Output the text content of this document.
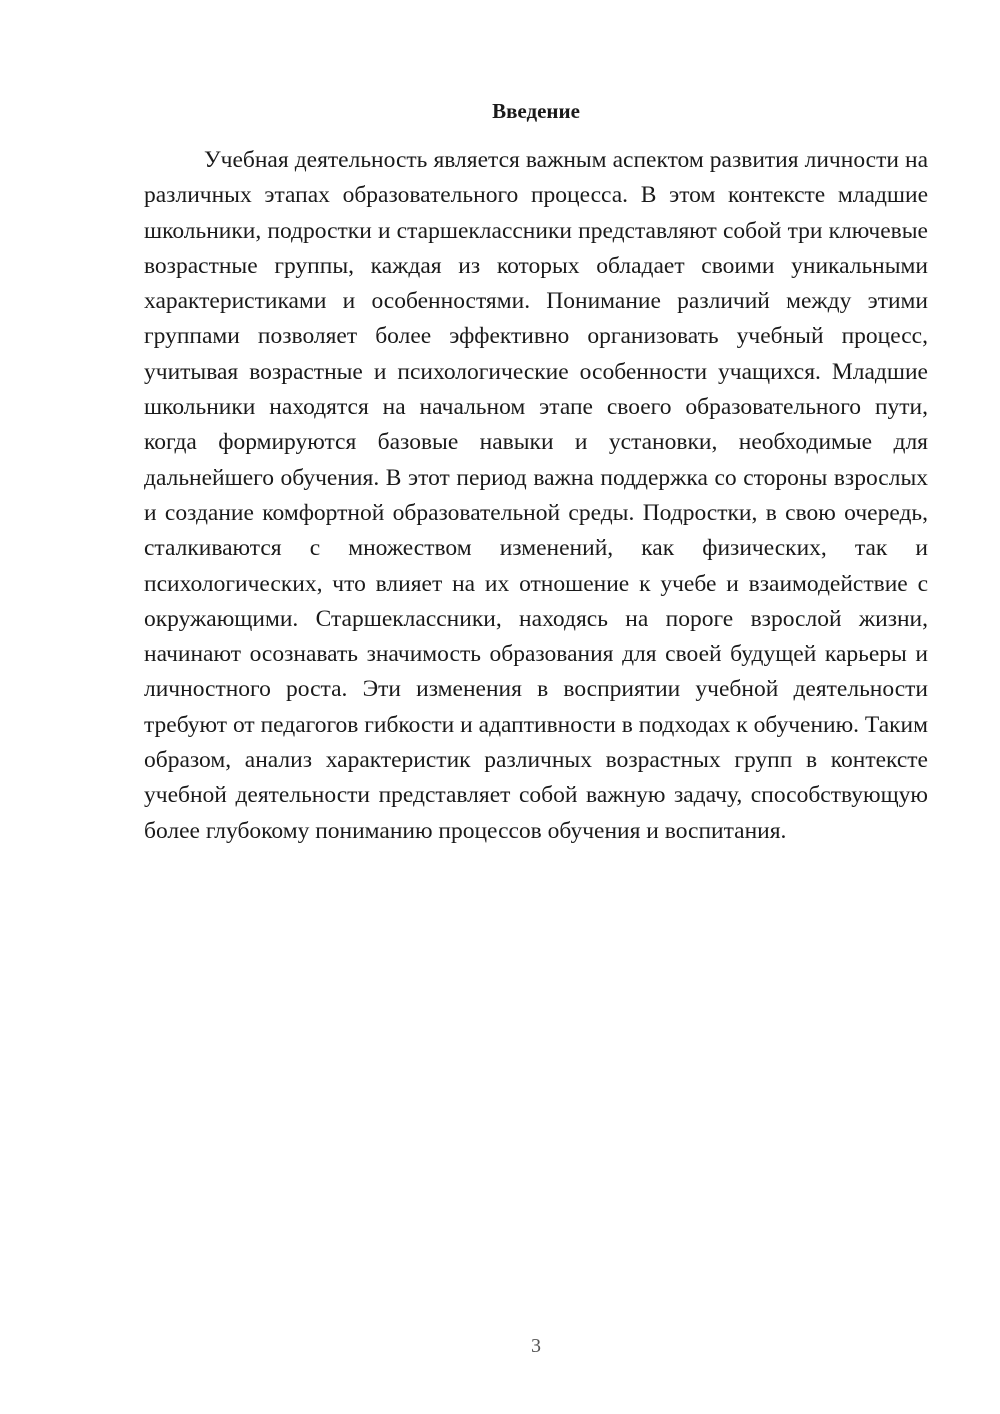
Введение

Учебная деятельность является важным аспектом развития личности на различных этапах образовательного процесса. В этом контексте младшие школьники, подростки и старшеклассники представляют собой три ключевые возрастные группы, каждая из которых обладает своими уникальными характеристиками и особенностями. Понимание различий между этими группами позволяет более эффективно организовать учебный процесс, учитывая возрастные и психологические особенности учащихся. Младшие школьники находятся на начальном этапе своего образовательного пути, когда формируются базовые навыки и установки, необходимые для дальнейшего обучения. В этот период важна поддержка со стороны взрослых и создание комфортной образовательной среды. Подростки, в свою очередь, сталкиваются с множеством изменений, как физических, так и психологических, что влияет на их отношение к учебе и взаимодействие с окружающими. Старшеклассники, находясь на пороге взрослой жизни, начинают осознавать значимость образования для своей будущей карьеры и личностного роста. Эти изменения в восприятии учебной деятельности требуют от педагогов гибкости и адаптивности в подходах к обучению. Таким образом, анализ характеристик различных возрастных групп в контексте учебной деятельности представляет собой важную задачу, способствующую более глубокому пониманию процессов обучения и воспитания.

3
